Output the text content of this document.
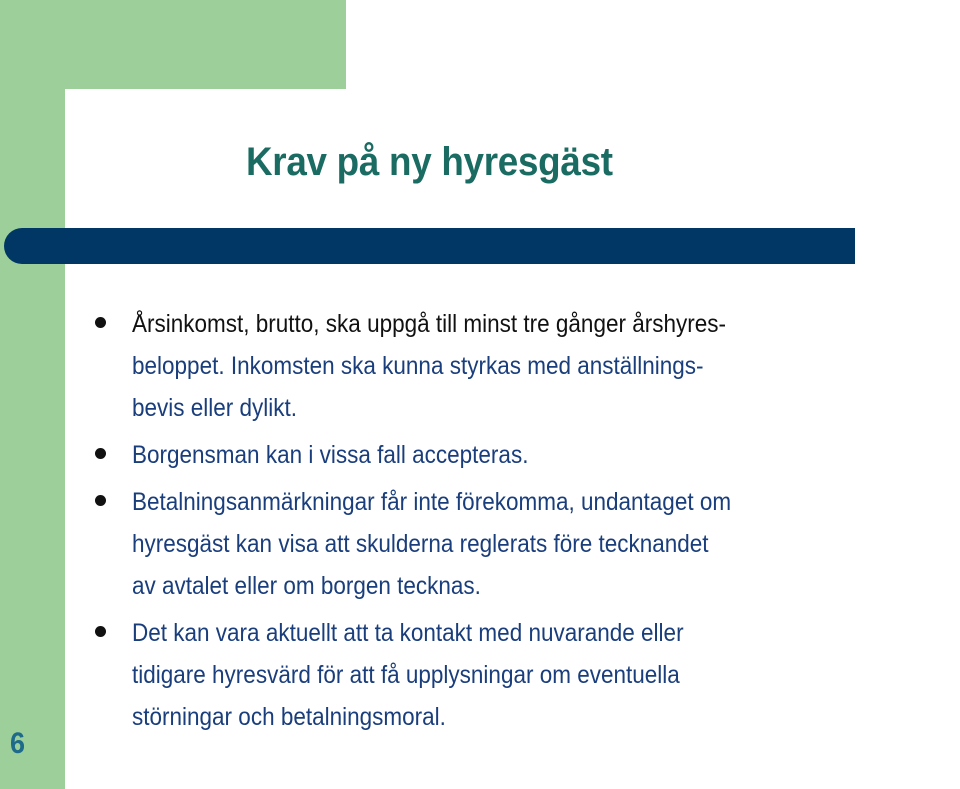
Krav på ny hyresgäst
Årsinkomst, brutto, ska uppgå till minst tre gånger årshyres-
beloppet. Inkomsten ska kunna styrkas med anställnings-
bevis eller dylikt.
Borgensman kan i vissa fall accepteras.
Betalningsanmärkningar får inte förekomma, undantaget om
hyresgäst kan visa att skulderna reglerats före tecknandet
av avtalet eller om borgen tecknas.
Det kan vara aktuellt att ta kontakt med nuvarande eller
tidigare hyresvärd för att få upplysningar om eventuella
störningar och betalningsmoral.
6
